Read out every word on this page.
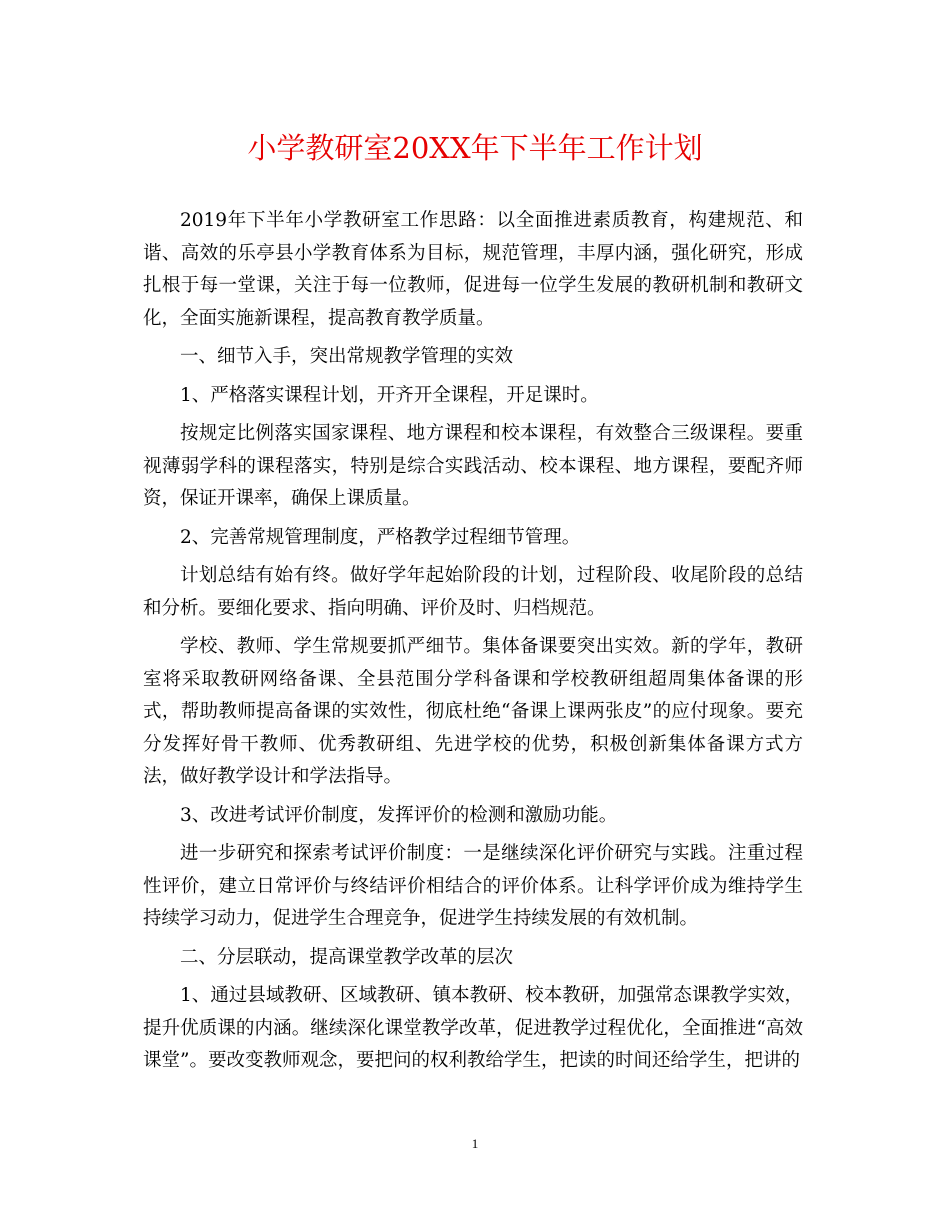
小学教研室20XX年下半年工作计划

2019年下半年小学教研室工作思路：以全面推进素质教育，构建规范、和谐、高效的乐亭县小学教育体系为目标，规范管理，丰厚内涵，强化研究，形成扎根于每一堂课，关注于每一位教师，促进每一位学生发展的教研机制和教研文化，全面实施新课程，提高教育教学质量。

一、细节入手，突出常规教学管理的实效

1、严格落实课程计划，开齐开全课程，开足课时。

按规定比例落实国家课程、地方课程和校本课程，有效整合三级课程。要重视薄弱学科的课程落实，特别是综合实践活动、校本课程、地方课程，要配齐师资，保证开课率，确保上课质量。

2、完善常规管理制度，严格教学过程细节管理。

计划总结有始有终。做好学年起始阶段的计划，过程阶段、收尾阶段的总结和分析。要细化要求、指向明确、评价及时、归档规范。

学校、教师、学生常规要抓严细节。集体备课要突出实效。新的学年，教研室将采取教研网络备课、全县范围分学科备课和学校教研组超周集体备课的形式，帮助教师提高备课的实效性，彻底杜绝“备课上课两张皮”的应付现象。要充分发挥好骨干教师、优秀教研组、先进学校的优势，积极创新集体备课方式方法，做好教学设计和学法指导。

3、改进考试评价制度，发挥评价的检测和激励功能。

进一步研究和探索考试评价制度：一是继续深化评价研究与实践。注重过程性评价，建立日常评价与终结评价相结合的评价体系。让科学评价成为维持学生持续学习动力，促进学生合理竞争，促进学生持续发展的有效机制。

二、分层联动，提高课堂教学改革的层次

1、通过县域教研、区域教研、镇本教研、校本教研，加强常态课教学实效，提升优质课的内涵。继续深化课堂教学改革，促进教学过程优化，全面推进“高效课堂”。要改变教师观念，要把问的权利教给学生，把读的时间还给学生，把讲的

1
